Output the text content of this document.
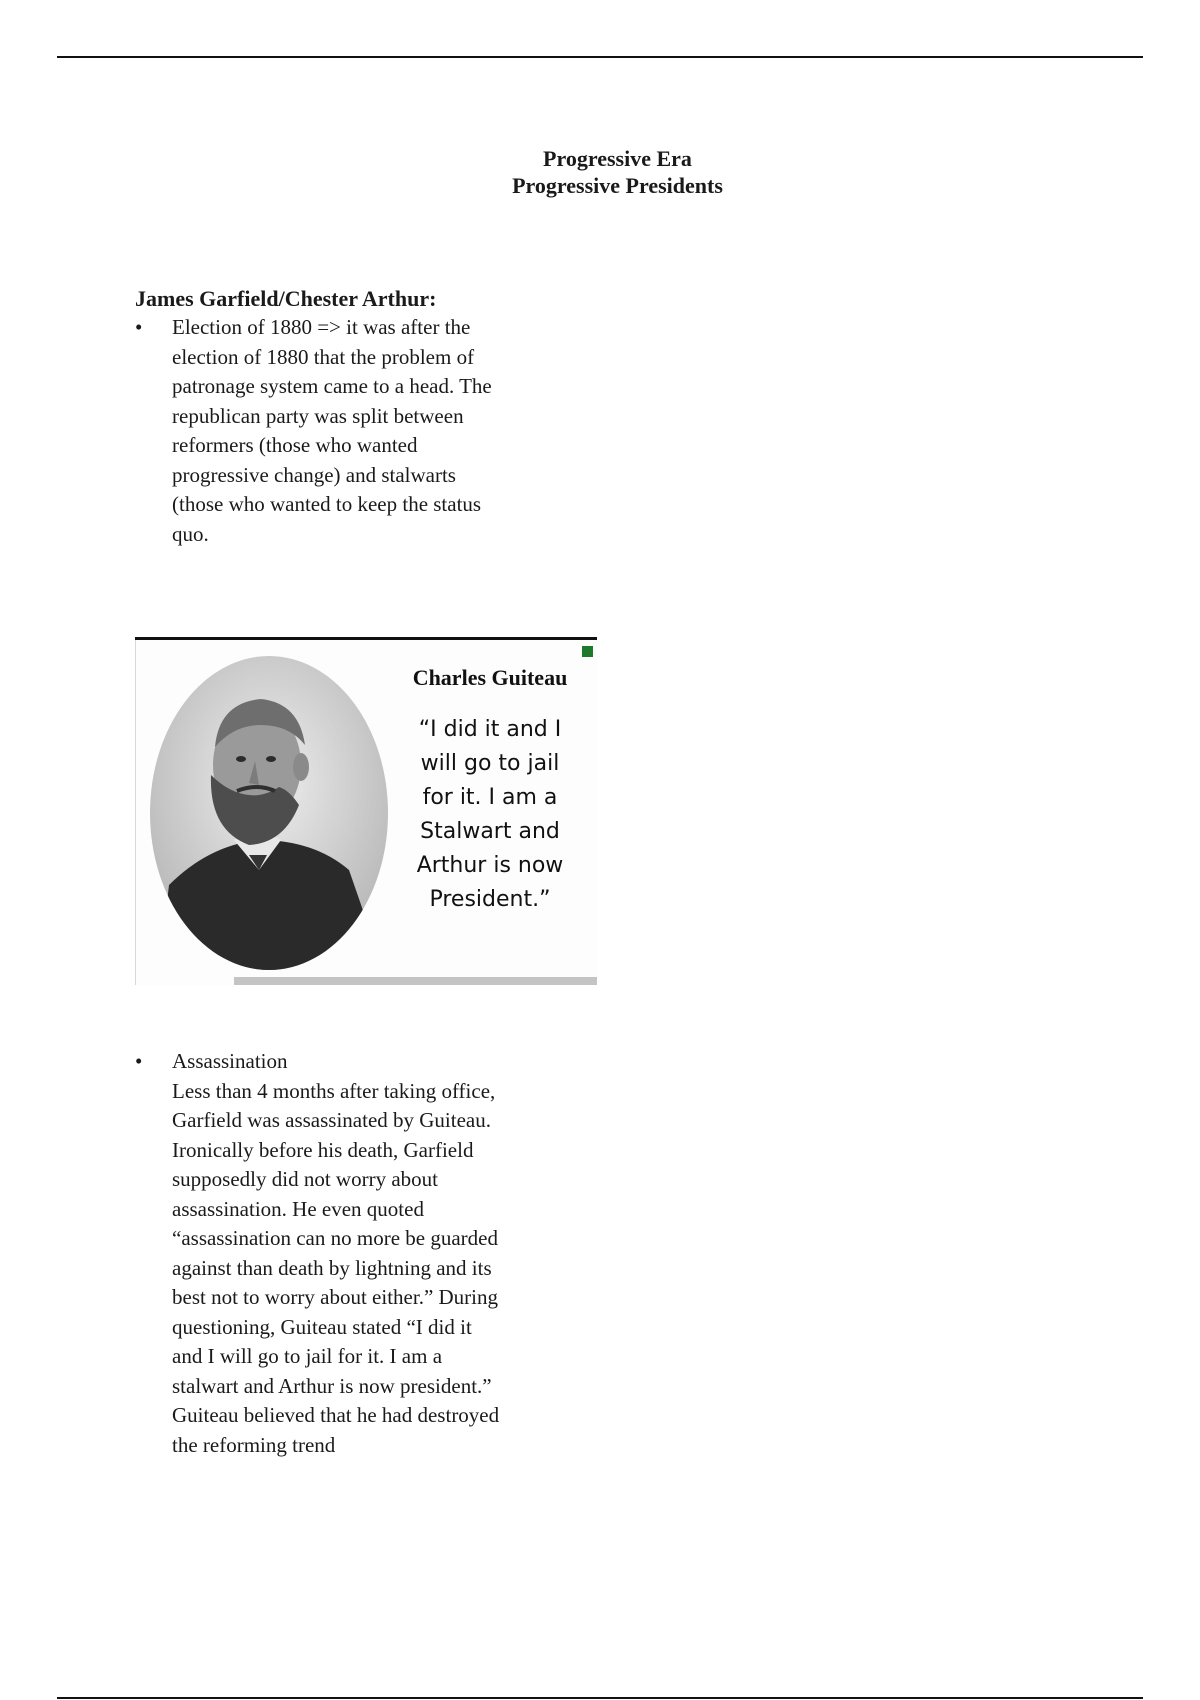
Progressive Era
Progressive Presidents
James Garfield/Chester Arthur:
•	Election of 1880 => it was after the election of 1880 that the problem of patronage system came to a head. The republican party was split between reformers (those who wanted progressive change) and stalwarts (those who wanted to keep the status quo.
Charles Guiteau
“I did it and I
will go to jail
for it. I am a
Stalwart and
Arthur is now
President.”
•	Assassination
Less than 4 months after taking office, Garfield was assassinated by Guiteau. Ironically before his death, Garfield supposedly did not worry about assassination. He even quoted “assassination can no more be guarded against than death by lightning and its best not to worry about either.” During questioning, Guiteau stated “I did it and I will go to jail for it. I am a stalwart and Arthur is now president.” Guiteau believed that he had destroyed the reforming trend
